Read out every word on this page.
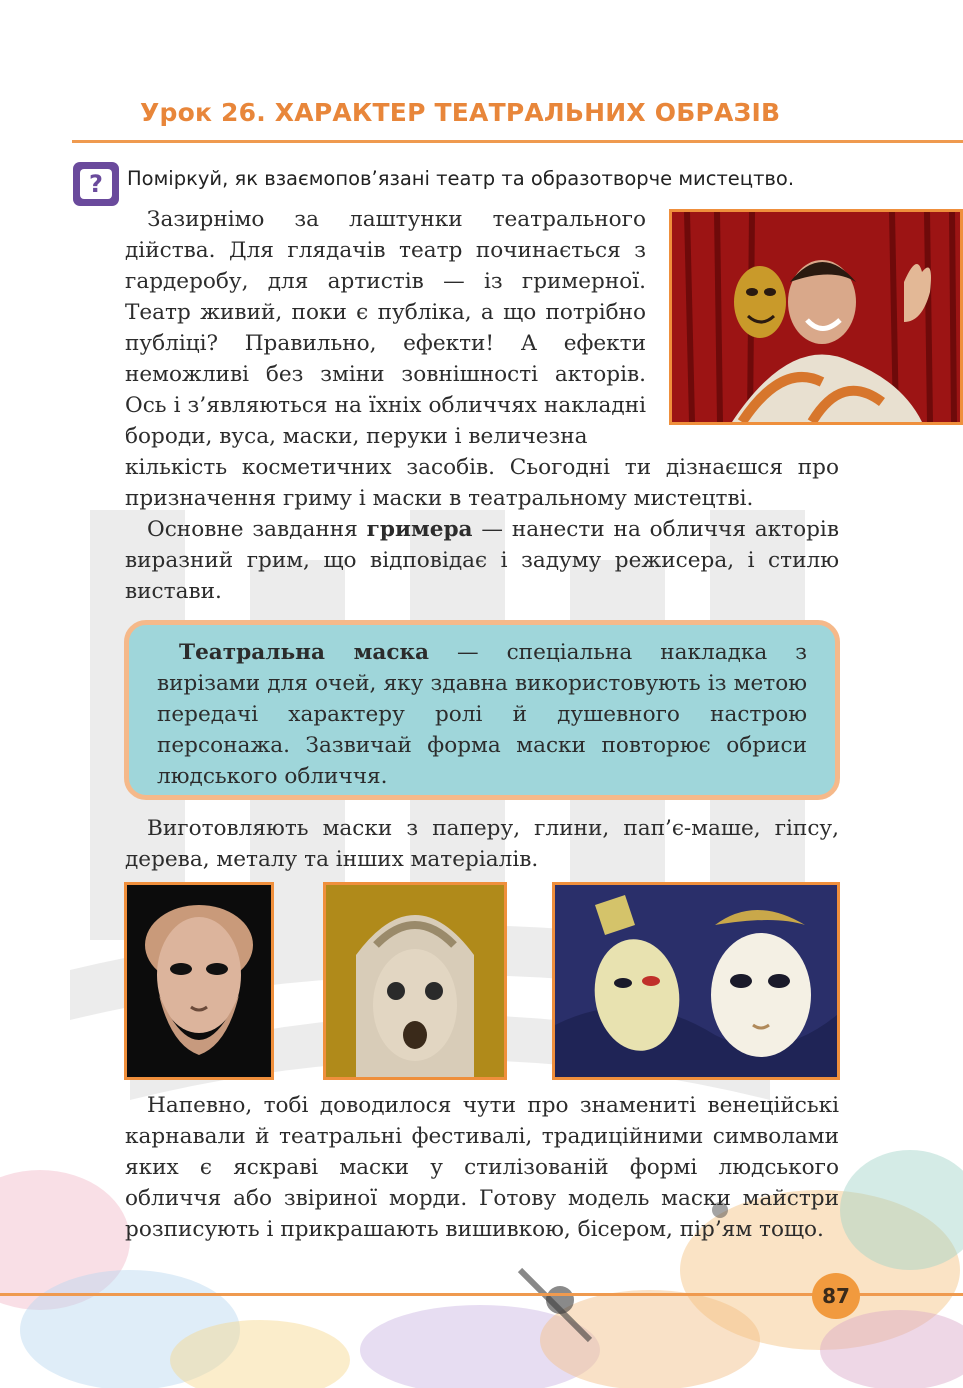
Урок 26. ХАРАКТЕР ТЕАТРАЛЬНИХ ОБРАЗІВ
?	Поміркуй, як взаємопов’язані театр та образотворче мистецтво.
Зазирнімо за лаштунки театрального дійства. Для глядачів театр починається з гардеробу, для артистів — із гримерної. Театр живий, поки є публіка, а що потрібно публіці? Правильно, ефекти! А ефекти неможливі без зміни зовнішності акторів. Ось і з’являються на їхніх обличчях накладні бороди, вуса, маски, перуки і величезна
кількість косметичних засобів. Сьогодні ти дізнаєшся про призначення гриму і маски в театральному мистецтві.
Основне завдання гримера — нанести на обличчя акторів виразний грим, що відповідає і задуму режисера, і стилю вистави.
Театральна маска — спеціальна накладка з вирізами для очей, яку здавна використовують із метою передачі характеру ролі й душевного настрою персонажа. Зазвичай форма маски повторює обриси людського обличчя.
Виготовляють маски з паперу, глини, пап’є-маше, гіпсу, дерева, металу та інших матеріалів.
Напевно, тобі доводилося чути про знамениті венеційські карнавали й театральні фестивалі, традиційними символами яких є яскраві маски у стилізованій формі людського обличчя або звіриної морди. Готову модель маски майстри розписують і прикрашають вишивкою, бісером, пір’ям тощо.
87
